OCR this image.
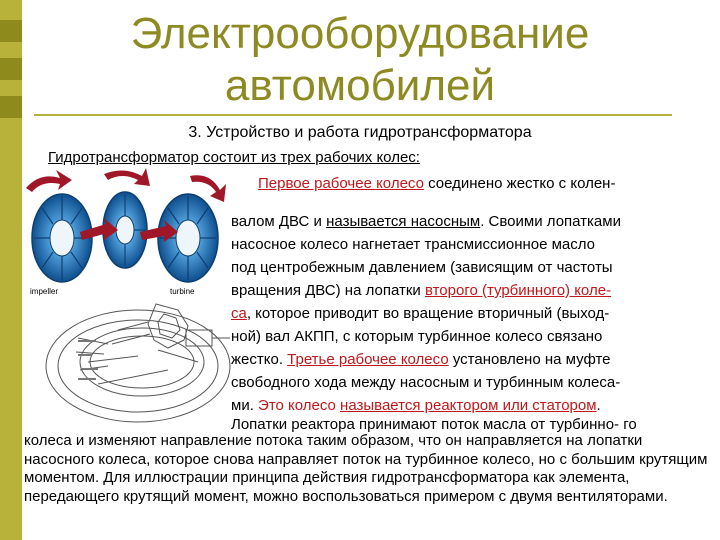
Электрооборудование автомобилей
3. Устройство и работа гидротрансформатора
Гидротрансформатор состоит из трех рабочих колес:
stator
impeller	turbine
Первое рабочее колесо соединено жестко с колен-
валом ДВС и называется насосным. Своими лопатками
насосное колесо нагнетает трансмиссионное масло
под центробежным давлением (зависящим от частоты
вращения ДВС) на лопатки второго (турбинного) коле-
са, которое приводит во вращение вторичный (выход-
ной) вал АКПП, с которым турбинное колесо связано
жестко. Третье рабочее колесо установлено на муфте
свободного хода между насосным и турбинным колеса-
ми. Это колесо называется реактором или статором.
Лопатки реактора принимают поток масла от турбинно- го
колеса и изменяют направление потока таким образом, что он направляется на лопатки насосного колеса, которое снова направляет поток на турбинное колесо, но с большим крутящим моментом. Для иллюстрации принципа действия гидротрансформатора как элемента, передающего крутящий момент, можно воспользоваться примером с двумя вентиляторами.
